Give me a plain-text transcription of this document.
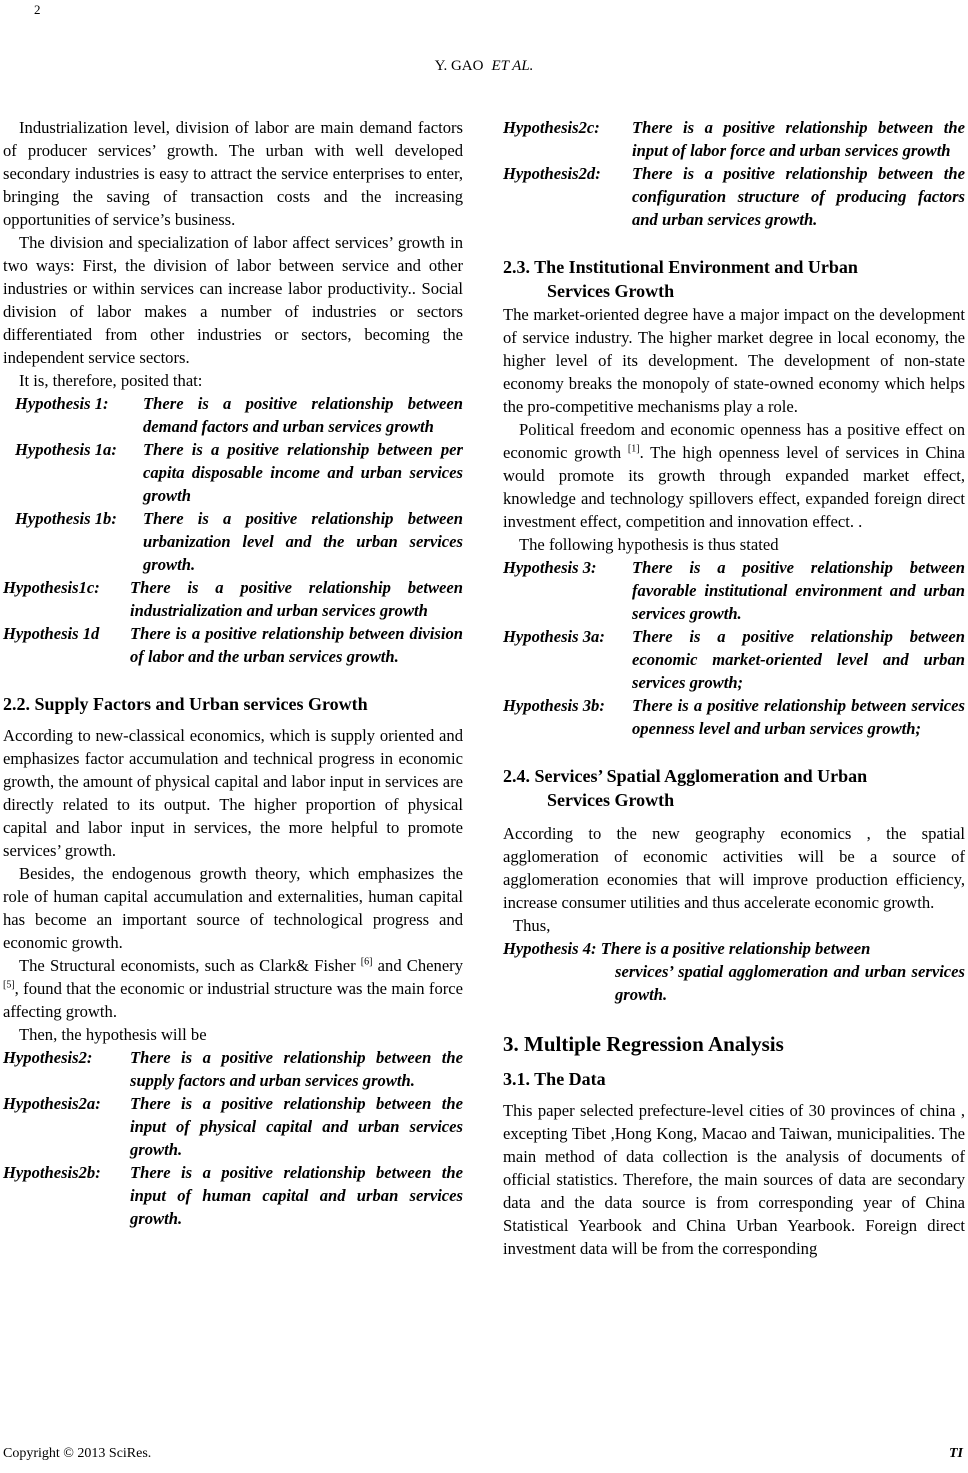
2
Y. GAO ET AL.

Industrialization level, division of labor are main demand factors of producer services’ growth. The urban with well developed secondary industries is easy to attract the service enterprises to enter, bringing the saving of transaction costs and the increasing opportunities of service’s business.

The division and specialization of labor affect services’ growth in two ways: First, the division of labor between service and other industries or within services can increase labor productivity.. Social division of labor makes a number of industries or sectors differentiated from other industries or sectors, becoming the independent service sectors.

It is, therefore, posited that:

Hypothesis 1:	There is a positive relationship between demand factors and urban services growth
Hypothesis 1a:	There is a positive relationship between per capita disposable income and urban services growth
Hypothesis 1b:	There is a positive relationship between urbanization level and the urban services growth.
Hypothesis1c:	There is a positive relationship between industrialization and urban services growth
Hypothesis 1d	There is a positive relationship between division of labor and the urban services growth.
2.2. Supply Factors and Urban services Growth

According to new-classical economics, which is supply oriented and emphasizes factor accumulation and technical progress in economic growth, the amount of physical capital and labor input in services are directly related to its output. The higher proportion of physical capital and labor input in services, the more helpful to promote services’ growth.

Besides, the endogenous growth theory, which emphasizes the role of human capital accumulation and externalities, human capital has become an important source of technological progress and economic growth.

The Structural economists, such as Clark& Fisher [6] and Chenery [5], found that the economic or industrial structure was the main force affecting growth.

Then, the hypothesis will be

Hypothesis2:	There is a positive relationship between the supply factors and urban services growth.
Hypothesis2a:	There is a positive relationship between the input of physical capital and urban services growth.
Hypothesis2b:	There is a positive relationship between the input of human capital and urban services growth.
Hypothesis2c:	There is a positive relationship between the input of labor force and urban services growth
Hypothesis2d:	There is a positive relationship between the configuration structure of producing factors and urban services growth.
2.3. The Institutional Environment and Urban
Services Growth

The market-oriented degree have a major impact on the development of service industry. The higher market degree in local economy, the higher level of its development. The development of non-state economy breaks the monopoly of state-owned economy which helps the pro-competitive mechanisms play a role.

Political freedom and economic openness has a positive effect on economic growth [1]. The high openness level of services in China would promote its growth through expanded market effect, knowledge and technology spillovers effect, expanded foreign direct investment effect, competition and innovation effect. .

The following hypothesis is thus stated

Hypothesis 3:	There is a positive relationship between favorable institutional environment and urban services growth.
Hypothesis 3a:	There is a positive relationship between economic market-oriented level and urban services growth;
Hypothesis 3b:	There is a positive relationship between services openness level and urban services growth;
2.4. Services’ Spatial Agglomeration and Urban
Services Growth

According to the new geography economics , the spatial agglomeration of economic activities will be a source of agglomeration economies that will improve production efficiency, increase consumer utilities and thus accelerate economic growth.

Thus,

Hypothesis 4: There is a positive relationship between
services’ spatial agglomeration and urban services growth.
3. Multiple Regression Analysis
3.1. The Data

This paper selected prefecture-level cities of 30 provinces of china , excepting Tibet ,Hong Kong, Macao and Taiwan, municipalities. The main method of data collection is the analysis of documents of official statistics. Therefore, the main sources of data are secondary data and the data source is from corresponding year of China Statistical Yearbook and China Urban Yearbook. Foreign direct investment data will be from the corresponding

Copyright © 2013 SciRes.	TI
